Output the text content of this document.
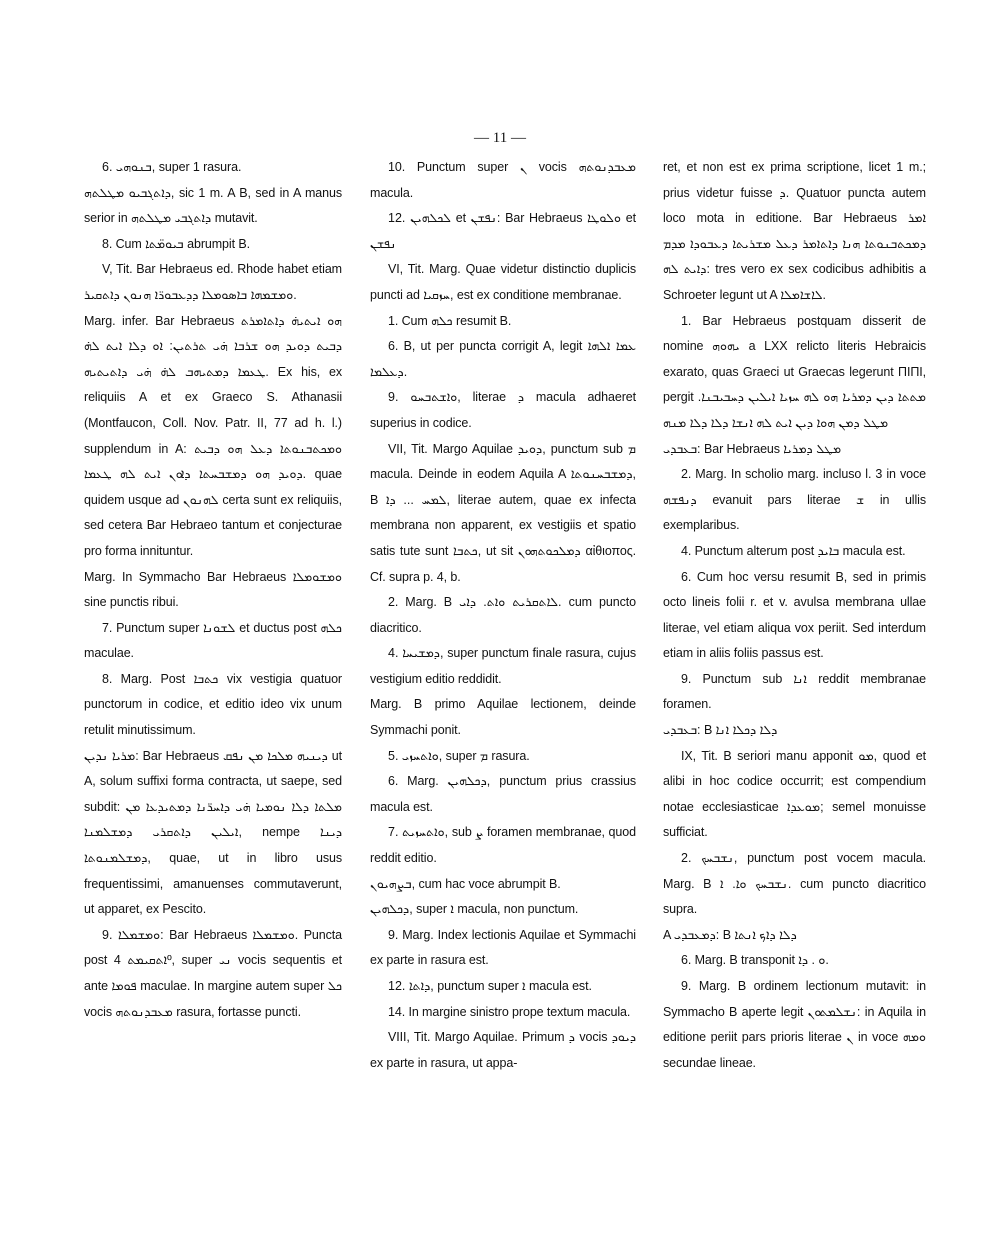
— 11 —

6. ܒܢܘܗܝ, super 1 rasura.

ܕܐܬܓܒܝܘ ܡܛܠܬܗ, sic 1 m. A B, sed in A manus serior in ܕܐܬܓܒܝ ܡܛܠܬܗ mutavit.

8. Cum ܒܝܘܡ̈ܬܐ abrumpit B.

V, Tit. Bar Hebraeus ed. Rhode habet etiam ܘܡܫܡܗܐ ܒܐܣܘܡܠܐ ܕܕܥܒܘܪ̈ܐ ܗܢܘܢ ܕܐܬܩܝܪ.

Marg. infer. Bar Hebraeus ܗܘ ܐܝܬܝܗ̇ ܕܐܬܐܡܪܬ ܕܒܝܬ ܕܘܝܕ ܗܘ ܫܪܒܐ ܗ̇ܝ ܬܪܬܝܢ: ܐܘ ܕܠܐ ܐܝܬ ܠܗ̇ ܛܥܡܐ ܕܡܬܝܗܒ ܠܗ̇ ܗ̇ܝ ܕܐܬܝܬܝܗ. Ex his, ex reliquiis A et ex Graeco S. Athanasii (Montfaucon, Coll. Nov. Patr. II, 77 ad h. l.) supplendum in A: ܘܡܟܬܒܢܘܬܐ ܕܥܠ ܗܘ ܕܒܝܬ ܕܘܝܕ ܗܘ ܕܡܫܒܚܬܐ ܕܐܘܢ ܐܝܬ ܠܗ ܛܥܡܐ. quae quidem usque ad ܠܗܢܘܢ certa sunt ex reliquiis, sed cetera Bar Hebraeo tantum et conjecturae pro forma innituntur.

Marg. In Symmacho Bar Hebraeus ܘܡܫܘܡܠܐ sine punctis ribui.

7. Punctum super ܠܫܘܢܐ et ductus post ܟܠܗ maculae.

8. Marg. Post ܟܬܒܐ vix vestigia quatuor punctorum in codice, et editio ideo vix unum retulit minutissimum.

ܡܪܝܐ ܢܕܝܢ: Bar Hebraeus ܕܝܢܝܗ ܡܠܟܐ ܡܢ ܢܦܩ ut A, solum suffixi forma contracta, ut saepe, sed subdit: ܡܠܬܐ ܕܠܐ ܢܘܡܝܐ ܗ̇ܝ ܕܐܚܪ̈ܢܐ ܕܡܬܝܕܥܐ ܡܢ ܐܝܠܝܢ ܕܐܬܩܪܝ ܕܡܫܠܡܢܐ, nempe ܕܝܢܐ ܕܡܫܠܡܢܘܬܐ, quae, ut in libro usus frequentissimi, amanuenses commutaverunt, ut apparet, ex Pescito.

9. ܘܡܫܡܠܐ: Bar Hebraeus ܘܡܫܡܠܐ. Puncta post ܐܬܩܝܡܬ 4º, super ܢܝ vocis sequentis et ante ܦܘܡܐ maculae. In margine autem super ܟܠ vocis ܡܥܒܕܢܘܬܗ rasura, fortasse puncti.

10. Punctum super ܢ vocis ܡܥܒܕܢܘܬܗ macula.

12. ܠܟܠܗܝܢ et ܢܦܫܢ: Bar Hebraeus ܘܠܘܛܐ et ܢܦܫܢ

VI, Tit. Marg. Quae videtur distinctio duplicis puncti ad ܚܙܩܝܐ, est ex conditione membranae.

1. Cum ܟܠܗ resumit B.

6. B, ut per puncta corrigit A, legit ܥܡܐ ܐܠܗܐ ܕܥܠܡܐ.

9. ܘܐܫܬܒܚܘ, literae ܕ macula adhaeret superius in codice.

VII, Tit. Margo Aquilae ܕܘܝܕ, punctum sub ܡ macula. Deinde in eodem Aquila A ܕܡܫܒܚܢܘܬܐ, B ܠܡܚ ... ܕܐ, literae autem, quae ex infecta membrana non apparent, ex vestigiis et spatio satis tute sunt ܟܬܒܐ, ut sit ܕܡܠܟܘܬܗܘܢ αἰθιοπος. Cf. supra p. 4, b.

2. Marg. B ܠܐܬܩܪܝܬ ܘܐܬ. ܕܐܝ. cum puncto diacritico.

4. ܕܡܫܝܚܐ, super punctum finale rasura, cujus vestigium editio reddidit.

Marg. B primo Aquilae lectionem, deinde Symmachi ponit.

5. ܘܐܬܚܙܝ, super ܡ rasura.

6. Marg. ܕܟܠܗܝܢ, punctum prius crassius macula est.

7. ܘܐܬܚܙܝܬ, sub ܨ foramen membranae, quod reddit editio.

ܒܨܗܝܘܢ, cum hac voce abrumpit B.

ܕܟܠܗܝܢ, super ܐ macula, non punctum.

9. Marg. Index lectionis Aquilae et Symmachi ex parte in rasura est.

12. ܕܐܬܐ, punctum super ܐ macula est.

14. In margine sinistro prope textum macula.

VIII, Tit. Margo Aquilae. Primum ܕ vocis ܕܝܘܕ ex parte in rasura, ut appa-

ret, et non est ex prima scriptione, licet 1 m.; prius videtur fuisse ܕ. Quatuor puncta autem loco mota in editione. Bar Hebraeus ܐܡܪ ܕܡܟܬܒܢܘܬܐ ܗܢܐ ܕܐܬܐܡܪ ܕܥܠ ܡܫܪܝܬܐ ܕܥܒܘܕܐ ܡܕܡ ܕܐܝܬ ܠܗ: tres vero ex sex codicibus adhibitis a Schroeter legunt ut A ܠܐܫܐܡܠܐ.

1. Bar Hebraeus postquam disserit de nomine ܝܗܘܗ a LXX relicto literis Hebraicis exarato, quas Graeci ut Graecas legerunt ΠΙΠΙ, pergit ܡܬܬܐ ܕܝܢ ܕܡܪܝܐ ܗܘ ܠܗ ܚܙܝܐ ܐܝܠܝܢ ܕܚܒܝܒܢܐ. ܡܛܠ ܕܡܢ ܗܘܐ ܕܝܢ ܐܝܬ ܠܗ ܐܢܫܐ ܕܠܐ ܕܠܐ ܡܢܗ

ܒܥܒܕܝ: Bar Hebraeus ܡܛܠ ܕܡܪܝܐ

2. Marg. In scholio marg. incluso l. 3 in voce ܕܢܦܫܗ evanuit pars literae ܫ in ullis exemplaribus.

4. Punctum alterum post ܒܐܝܕ macula est.

6. Cum hoc versu resumit B, sed in primis octo lineis folii r. et v. avulsa membrana ullae literae, vel etiam aliqua vox periit. Sed interdum etiam in aliis foliis passus est.

9. Punctum sub ܐܢܐ reddit membranae foramen.

ܒܥܒܕܝ: B ܕܠܐ ܕܟܠܐ ܐܢܐ

IX, Tit. B seriori manu apponit ܡܘ, quod et alibi in hoc codice occurrit; est compendium notae ecclesiasticae ܡܘܥܕܐ; semel monuisse sufficiat.

2. ܢܫܒܚܟ, punctum post vocem macula. Marg. B ܢܫܒܚܟ ܘܐ. ܐ. cum puncto diacritico supra.

A ܕܡܥܒܕܝ: B ܕܠܐ ܕܐܟ ܐܢܬܐ

6. Marg. B transponit ܘ . ܕܐ.

9. Marg. B ordinem lectionum mutavit: in Symmacho B aperte legit ܢܫܠܡܬܘܢ: in Aquila in editione periit pars prioris literae ܢ in voce ܘܡܗ secundae lineae.
